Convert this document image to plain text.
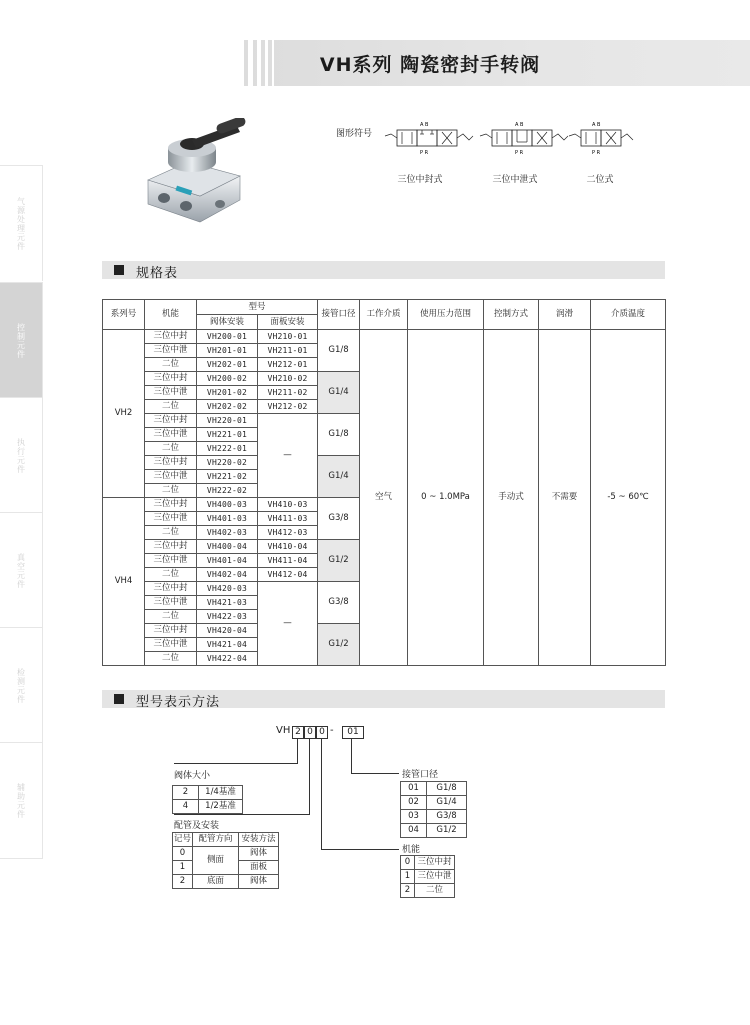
VH系列 陶瓷密封手转阀
气源处理元件
控制元件
执行元件
真空元件
检测元件
辅助元件
图形符号
A B
P R
三位中封式
A B
P R
三位中泄式
A B
P R
二位式
规格表
系列号	机能	型号		接管口径	工作介质	使用压力范围	控制方式	润滑	介质温度
		阀体安装	面板安装						
VH2	三位中封	VH200-01	VH210-01	G1/8	空气	0 ~ 1.0MPa	手动式	不需要	-5 ~ 60℃
	三位中泄	VH201-01	VH211-01						
	二位	VH202-01	VH212-01						
	三位中封	VH200-02	VH210-02	G1/4					
	三位中泄	VH201-02	VH211-02						
	二位	VH202-02	VH212-02						
	三位中封	VH220-01	—	G1/8					
	三位中泄	VH221-01							
	二位	VH222-01							
	三位中封	VH220-02		G1/4					
	三位中泄	VH221-02							
	二位	VH222-02							
VH4	三位中封	VH400-03	VH410-03	G3/8					
	三位中泄	VH401-03	VH411-03						
	二位	VH402-03	VH412-03						
	三位中封	VH400-04	VH410-04	G1/2					
	三位中泄	VH401-04	VH411-04						
	二位	VH402-04	VH412-04						
	三位中封	VH420-03	—	G3/8					
	三位中泄	VH421-03							
	二位	VH422-03							
	三位中封	VH420-04		G1/2					
	三位中泄	VH421-04							
	二位	VH422-04							
型号表示方法
VH 2 0 0 -	01
阀体大小
2	1/4基准
4	1/2基准
配管及安装
记号	配管方向	安装方法
0	侧面	阀体
1		面板
2	底面	阀体
接管口径
01	G1/8
02	G1/4
03	G3/8
04	G1/2
机能
0	三位中封
1	三位中泄
2	二位
